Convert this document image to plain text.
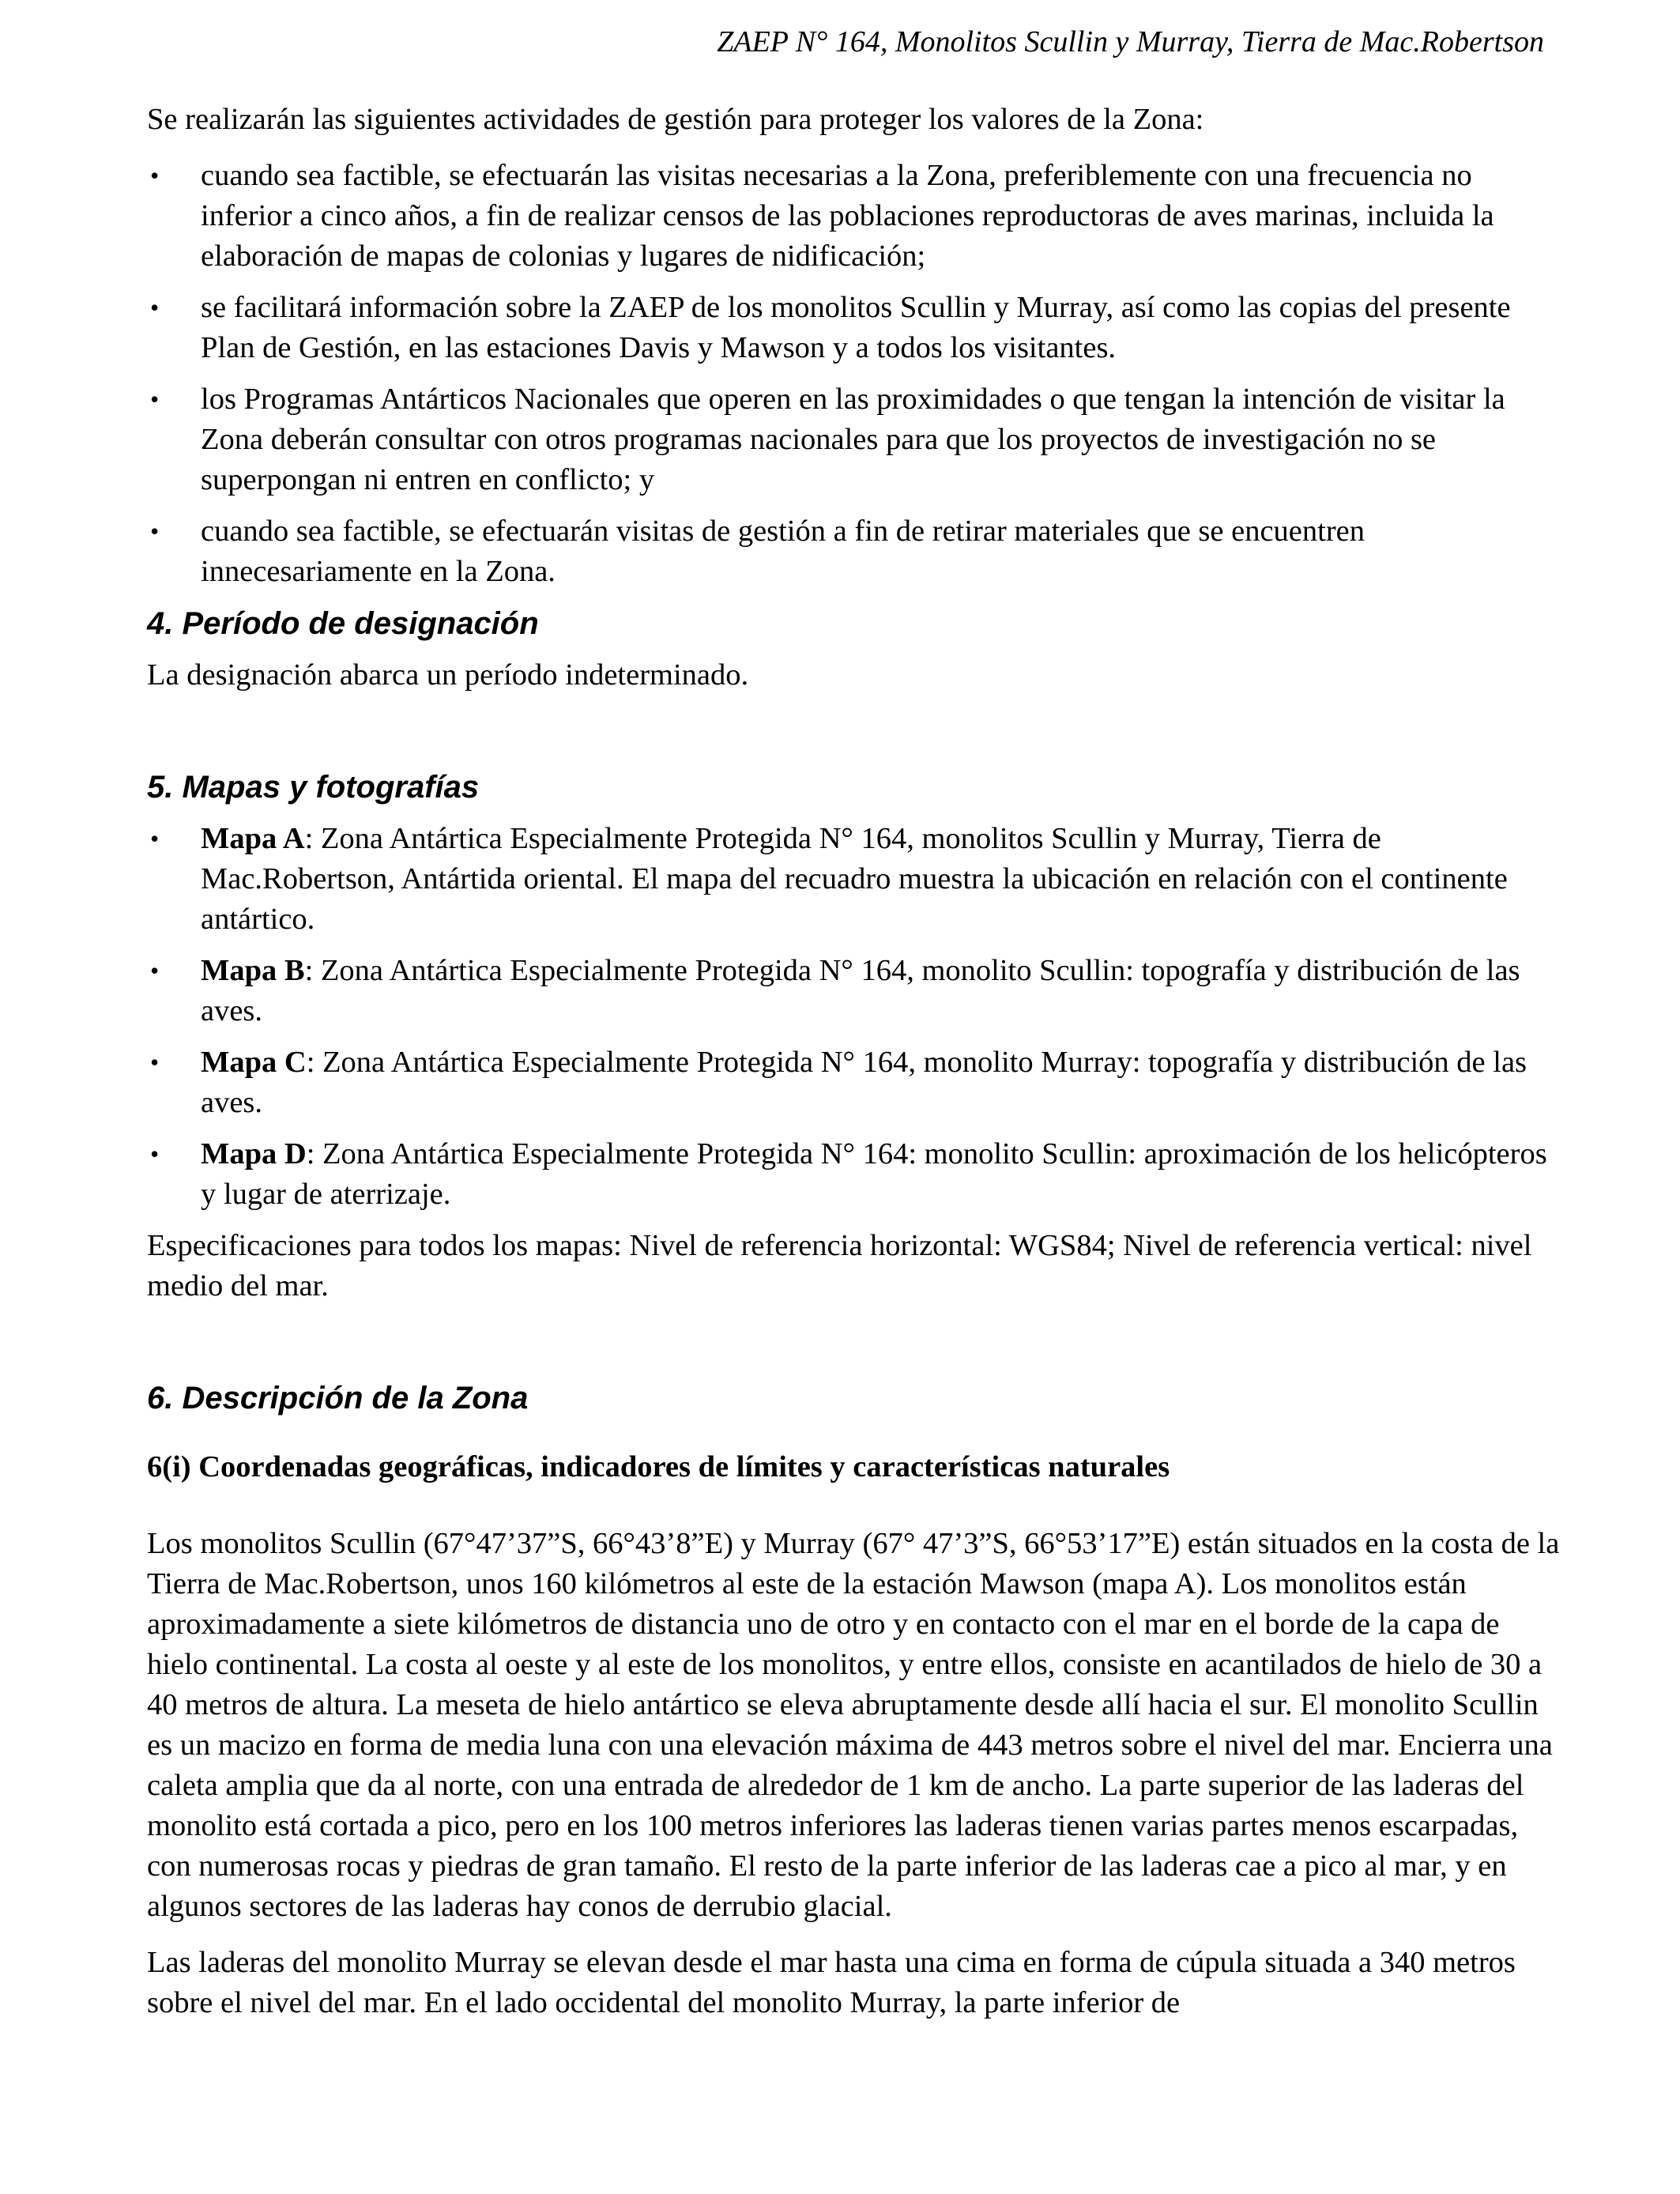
ZAEP N° 164, Monolitos Scullin y Murray, Tierra de Mac.Robertson

Se realizarán las siguientes actividades de gestión para proteger los valores de la Zona:

• cuando sea factible, se efectuarán las visitas necesarias a la Zona, preferiblemente con una frecuencia no inferior a cinco años, a fin de realizar censos de las poblaciones reproductoras de aves marinas, incluida la elaboración de mapas de colonias y lugares de nidificación;
• se facilitará información sobre la ZAEP de los monolitos Scullin y Murray, así como las copias del presente Plan de Gestión, en las estaciones Davis y Mawson y a todos los visitantes.
• los Programas Antárticos Nacionales que operen en las proximidades o que tengan la intención de visitar la Zona deberán consultar con otros programas nacionales para que los proyectos de investigación no se superpongan ni entren en conflicto; y
• cuando sea factible, se efectuarán visitas de gestión a fin de retirar materiales que se encuentren innecesariamente en la Zona.
4. Período de designación

La designación abarca un período indeterminado.

5. Mapas y fotografías
• Mapa A: Zona Antártica Especialmente Protegida N° 164, monolitos Scullin y Murray, Tierra de Mac.Robertson, Antártida oriental. El mapa del recuadro muestra la ubicación en relación con el continente antártico.
• Mapa B: Zona Antártica Especialmente Protegida N° 164, monolito Scullin: topografía y distribución de las aves.
• Mapa C: Zona Antártica Especialmente Protegida N° 164, monolito Murray: topografía y distribución de las aves.
• Mapa D: Zona Antártica Especialmente Protegida N° 164: monolito Scullin: aproximación de los helicópteros y lugar de aterrizaje.

Especificaciones para todos los mapas: Nivel de referencia horizontal: WGS84; Nivel de referencia vertical: nivel medio del mar.

6. Descripción de la Zona
6(i) Coordenadas geográficas, indicadores de límites y características naturales

Los monolitos Scullin (67°47’37”S, 66°43’8”E) y Murray (67° 47’3”S, 66°53’17”E) están situados en la costa de la Tierra de Mac.Robertson, unos 160 kilómetros al este de la estación Mawson (mapa A). Los monolitos están aproximadamente a siete kilómetros de distancia uno de otro y en contacto con el mar en el borde de la capa de hielo continental. La costa al oeste y al este de los monolitos, y entre ellos, consiste en acantilados de hielo de 30 a 40 metros de altura. La meseta de hielo antártico se eleva abruptamente desde allí hacia el sur. El monolito Scullin es un macizo en forma de media luna con una elevación máxima de 443 metros sobre el nivel del mar. Encierra una caleta amplia que da al norte, con una entrada de alrededor de 1 km de ancho. La parte superior de las laderas del monolito está cortada a pico, pero en los 100 metros inferiores las laderas tienen varias partes menos escarpadas, con numerosas rocas y piedras de gran tamaño. El resto de la parte inferior de las laderas cae a pico al mar, y en algunos sectores de las laderas hay conos de derrubio glacial.

Las laderas del monolito Murray se elevan desde el mar hasta una cima en forma de cúpula situada a 340 metros sobre el nivel del mar. En el lado occidental del monolito Murray, la parte inferior de
